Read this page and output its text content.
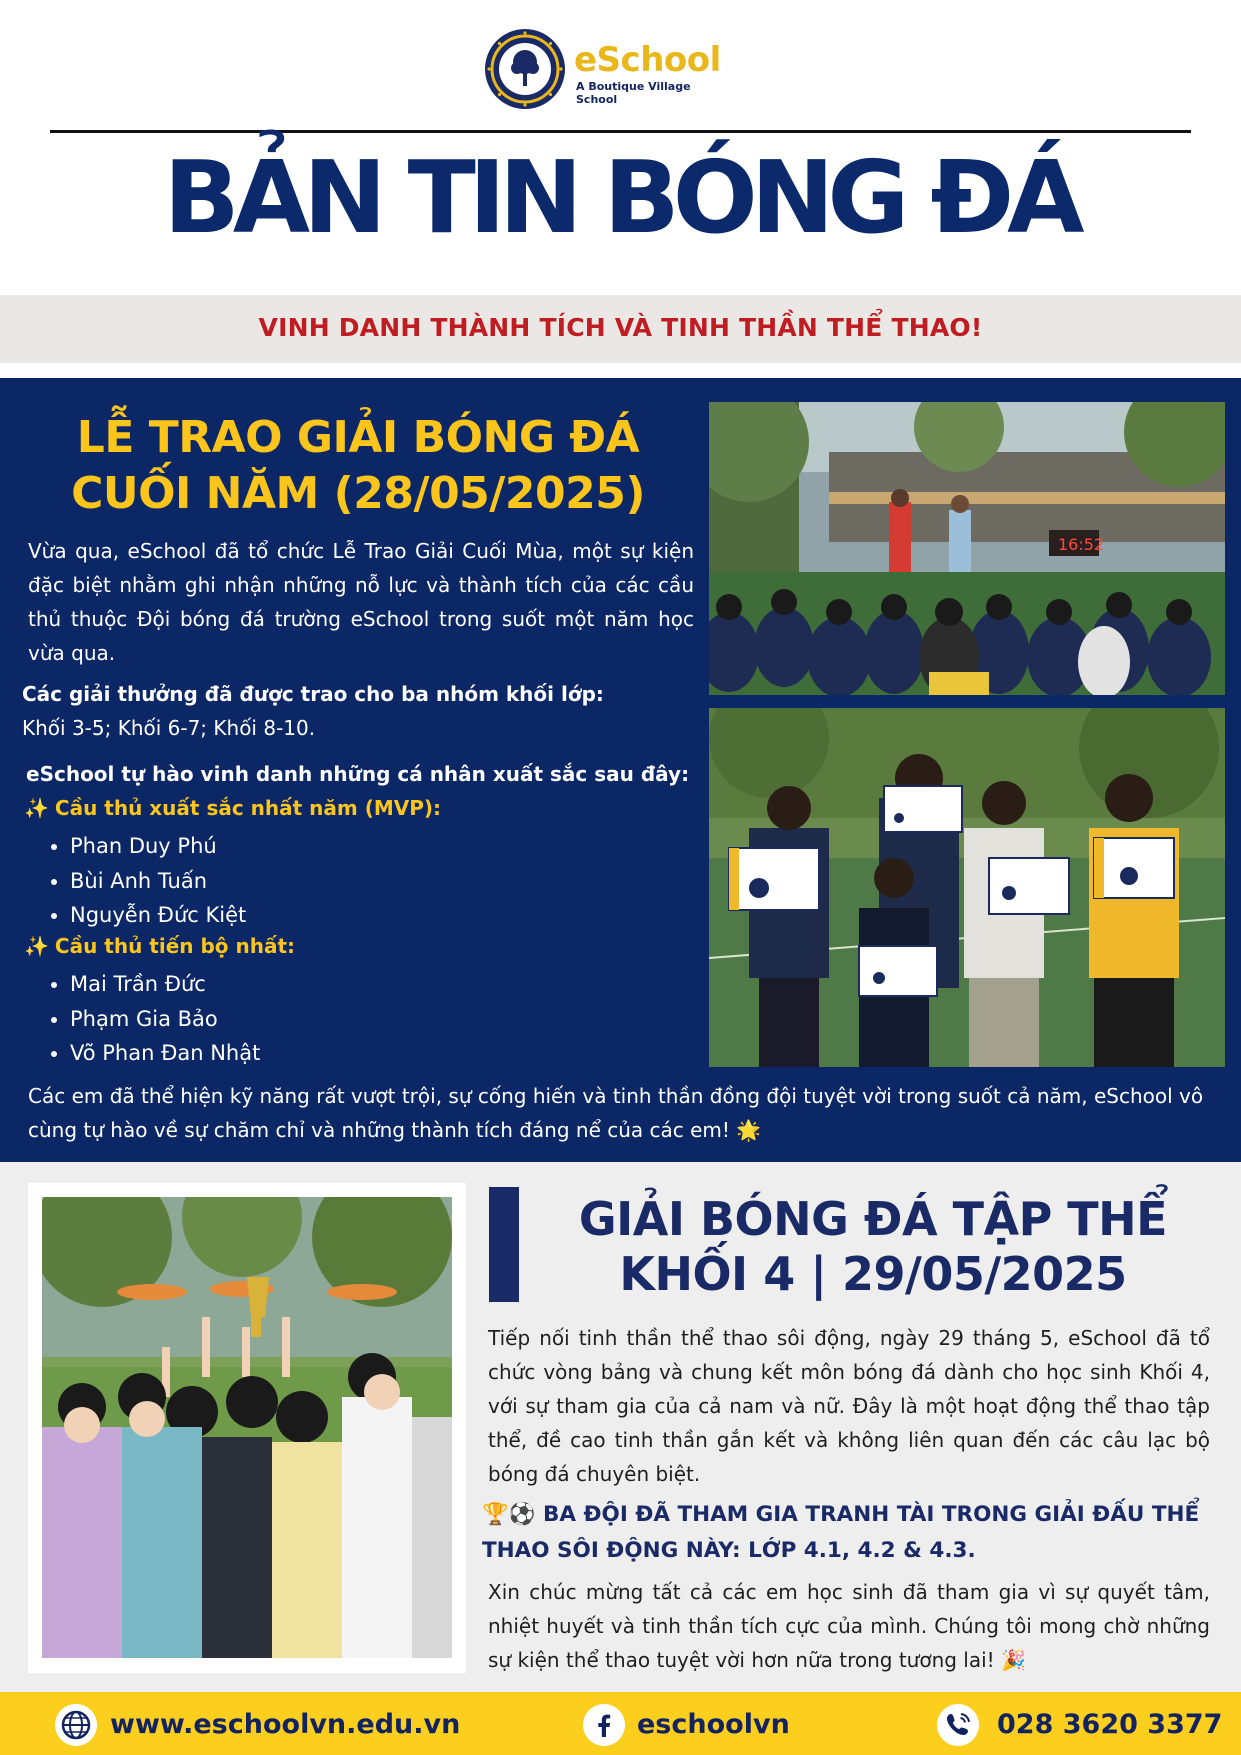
eSchool
A Boutique Village School
BẢN TIN BÓNG ĐÁ
VINH DANH THÀNH TÍCH VÀ TINH THẦN THỂ THAO!
LỄ TRAO GIẢI BÓNG ĐÁ
CUỐI NĂM (28/05/2025)
Vừa qua, eSchool đã tổ chức Lễ Trao Giải Cuối Mùa, một sự kiện đặc biệt nhằm ghi nhận những nỗ lực và thành tích của các cầu thủ thuộc Đội bóng đá trường eSchool trong suốt một năm học vừa qua.
Các giải thưởng đã được trao cho ba nhóm khối lớp:
Khối 3-5; Khối 6-7; Khối 8-10.
eSchool tự hào vinh danh những cá nhân xuất sắc sau đây:
✨ Cầu thủ xuất sắc nhất năm (MVP):
• Phan Duy Phú
• Bùi Anh Tuấn
• Nguyễn Đức Kiệt
✨ Cầu thủ tiến bộ nhất:
• Mai Trần Đức
• Phạm Gia Bảo
• Võ Phan Đan Nhật
Các em đã thể hiện kỹ năng rất vượt trội, sự cống hiến và tinh thần đồng đội tuyệt vời trong suốt cả năm, eSchool vô cùng tự hào về sự chăm chỉ và những thành tích đáng nể của các em! 🌟
16:52
GIẢI BÓNG ĐÁ TẬP THỂ
KHỐI 4 | 29/05/2025
Tiếp nối tinh thần thể thao sôi động, ngày 29 tháng 5, eSchool đã tổ chức vòng bảng và chung kết môn bóng đá dành cho học sinh Khối 4, với sự tham gia của cả nam và nữ. Đây là một hoạt động thể thao tập thể, đề cao tinh thần gắn kết và không liên quan đến các câu lạc bộ bóng đá chuyên biệt.
🏆⚽ BA ĐỘI ĐÃ THAM GIA TRANH TÀI TRONG GIẢI ĐẤU THỂ THAO SÔI ĐỘNG NÀY: LỚP 4.1, 4.2 & 4.3.
Xin chúc mừng tất cả các em học sinh đã tham gia vì sự quyết tâm, nhiệt huyết và tinh thần tích cực của mình. Chúng tôi mong chờ những sự kiện thể thao tuyệt vời hơn nữa trong tương lai! 🎉
www.eschoolvn.edu.vn	eschoolvn	028 3620 3377
